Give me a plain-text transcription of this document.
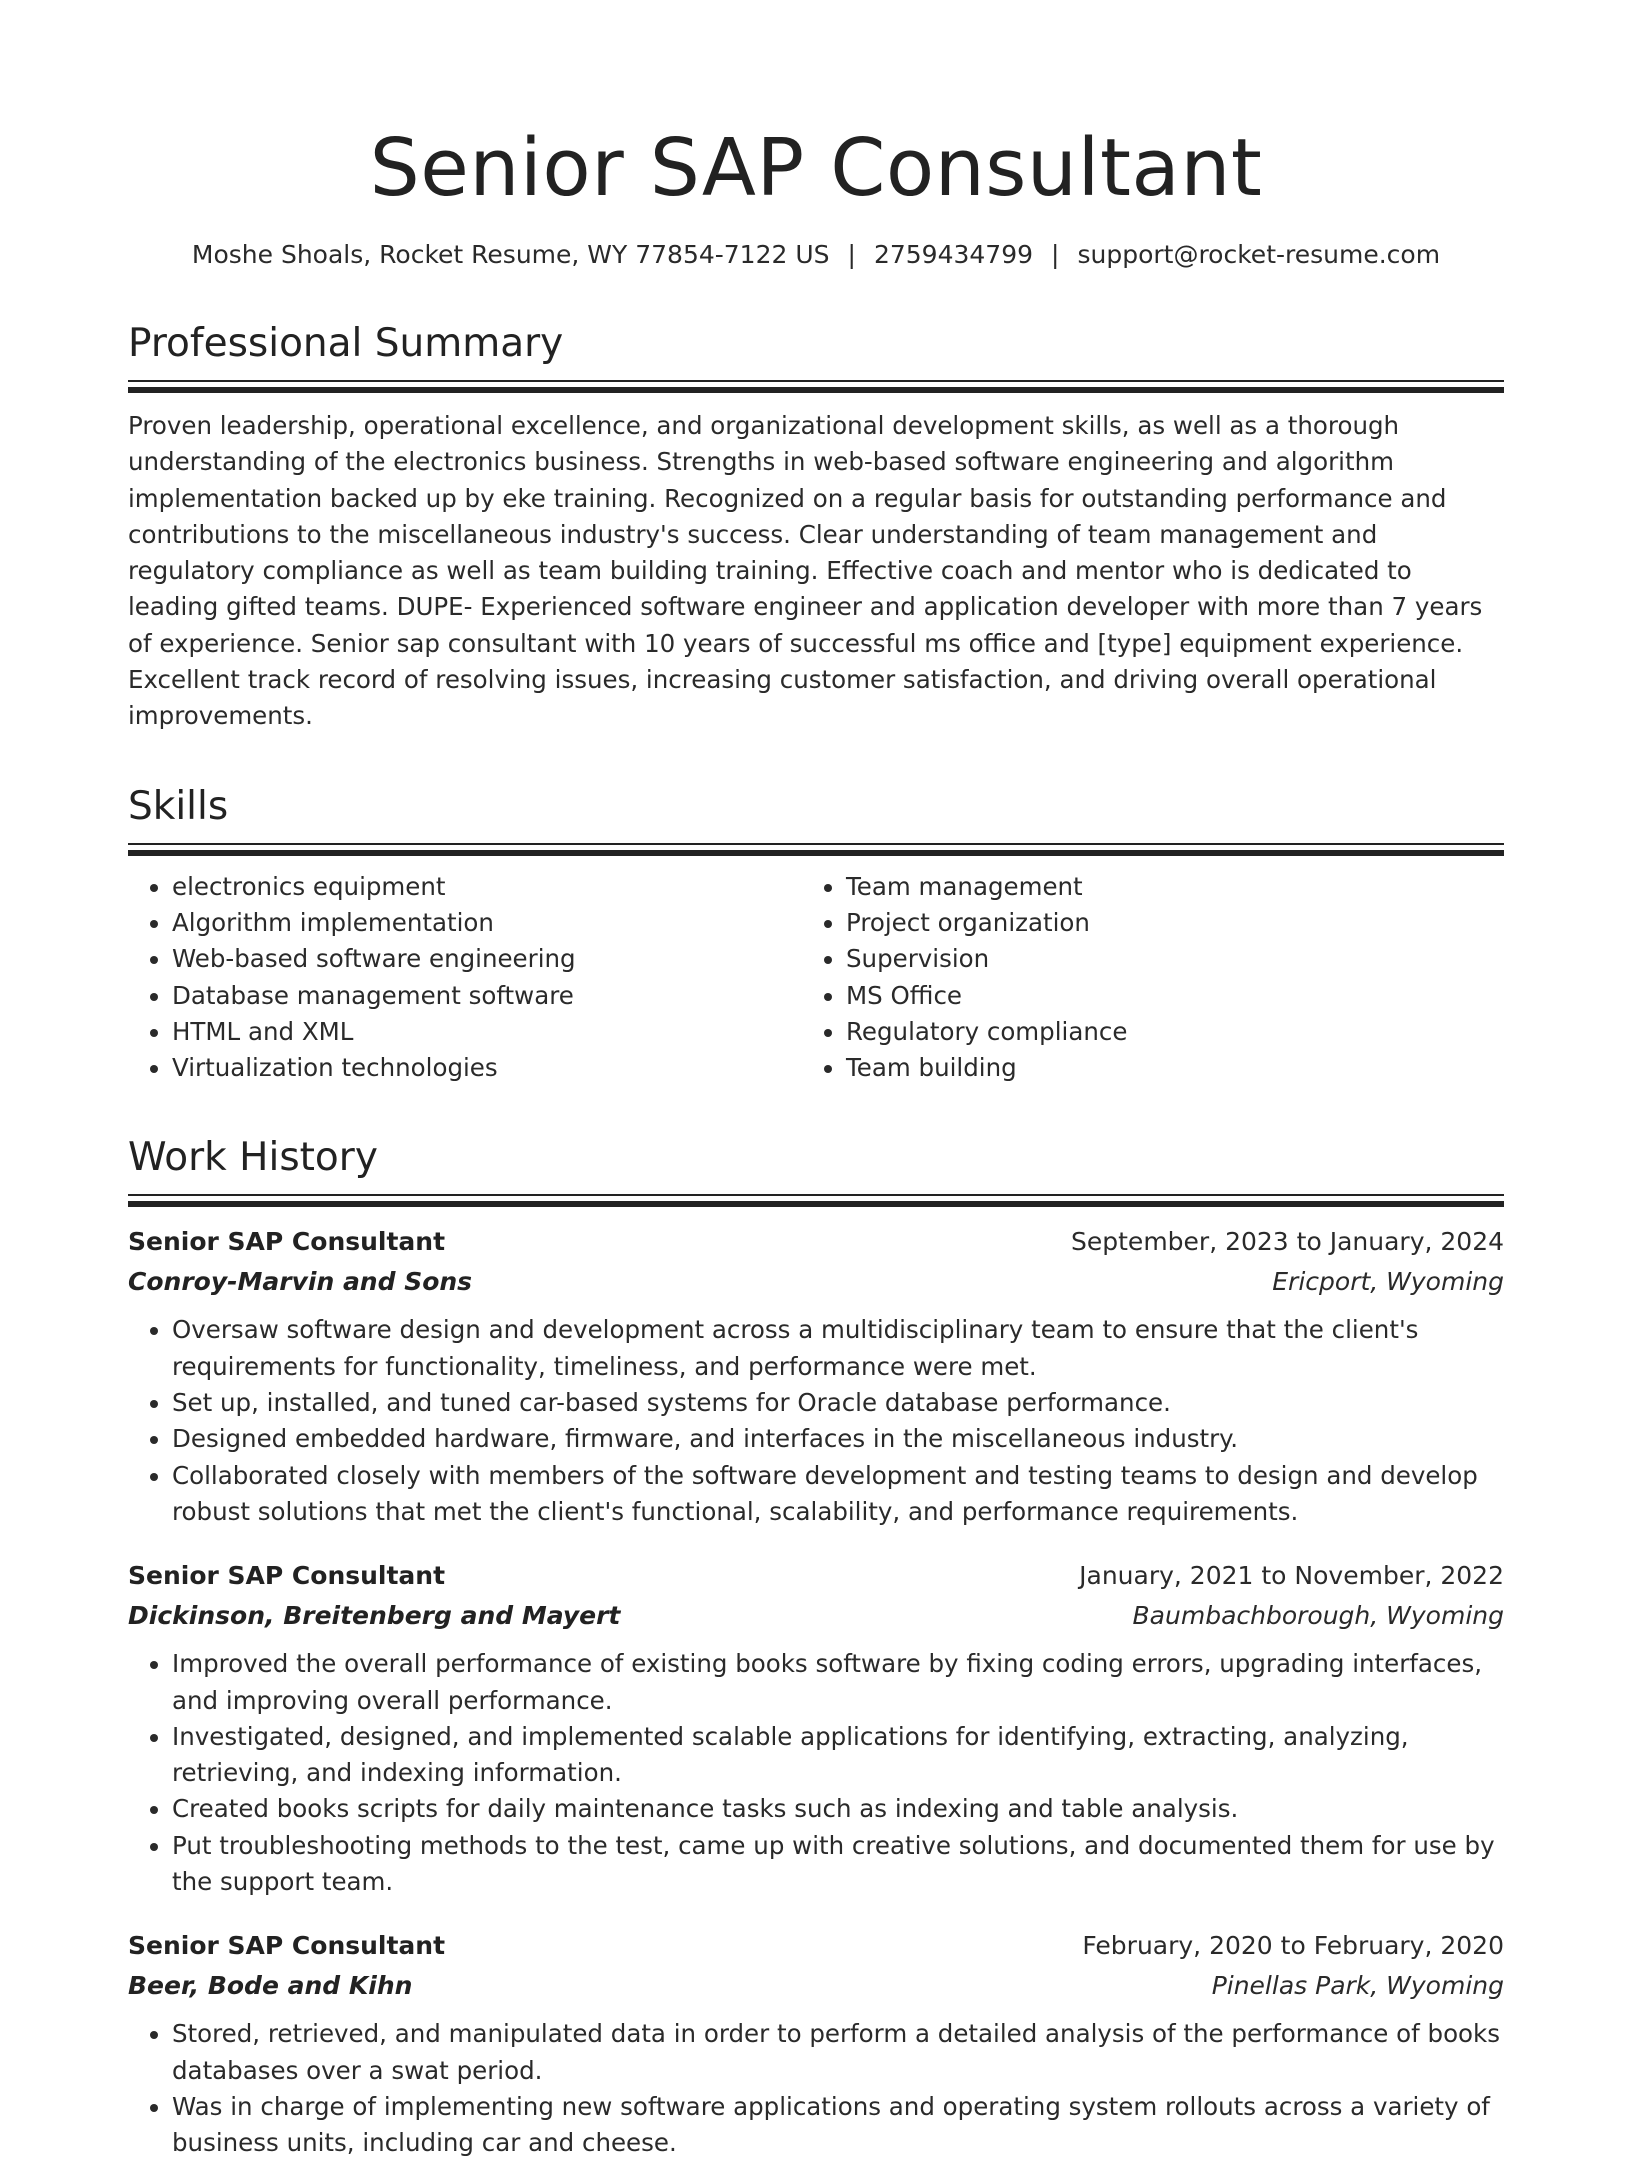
Senior SAP Consultant
Moshe Shoals, Rocket Resume, WY 77854-7122 US | 2759434799 | support@rocket-resume.com
Professional Summary
Proven leadership, operational excellence, and organizational development skills, as well as a thorough understanding of the electronics business. Strengths in web-based software engineering and algorithm implementation backed up by eke training. Recognized on a regular basis for outstanding performance and contributions to the miscellaneous industry's success. Clear understanding of team management and regulatory compliance as well as team building training. Effective coach and mentor who is dedicated to leading gifted teams. DUPE- Experienced software engineer and application developer with more than 7 years of experience. Senior sap consultant with 10 years of successful ms office and [type] equipment experience. Excellent track record of resolving issues, increasing customer satisfaction, and driving overall operational improvements.
Skills
• electronics equipment
• Algorithm implementation
• Web-based software engineering
• Database management software
• HTML and XML
• Virtualization technologies
• Team management
• Project organization
• Supervision
• MS Office
• Regulatory compliance
• Team building
Work History
Senior SAP Consultant	September, 2023 to January, 2024
Conroy-Marvin and Sons	Ericport, Wyoming
• Oversaw software design and development across a multidisciplinary team to ensure that the client's requirements for functionality, timeliness, and performance were met.
• Set up, installed, and tuned car-based systems for Oracle database performance.
• Designed embedded hardware, firmware, and interfaces in the miscellaneous industry.
• Collaborated closely with members of the software development and testing teams to design and develop robust solutions that met the client's functional, scalability, and performance requirements.
Senior SAP Consultant	January, 2021 to November, 2022
Dickinson, Breitenberg and Mayert	Baumbachborough, Wyoming
• Improved the overall performance of existing books software by fixing coding errors, upgrading interfaces, and improving overall performance.
• Investigated, designed, and implemented scalable applications for identifying, extracting, analyzing, retrieving, and indexing information.
• Created books scripts for daily maintenance tasks such as indexing and table analysis.
• Put troubleshooting methods to the test, came up with creative solutions, and documented them for use by the support team.
Senior SAP Consultant	February, 2020 to February, 2020
Beer, Bode and Kihn	Pinellas Park, Wyoming
• Stored, retrieved, and manipulated data in order to perform a detailed analysis of the performance of books databases over a swat period.
• Was in charge of implementing new software applications and operating system rollouts across a variety of business units, including car and cheese.
